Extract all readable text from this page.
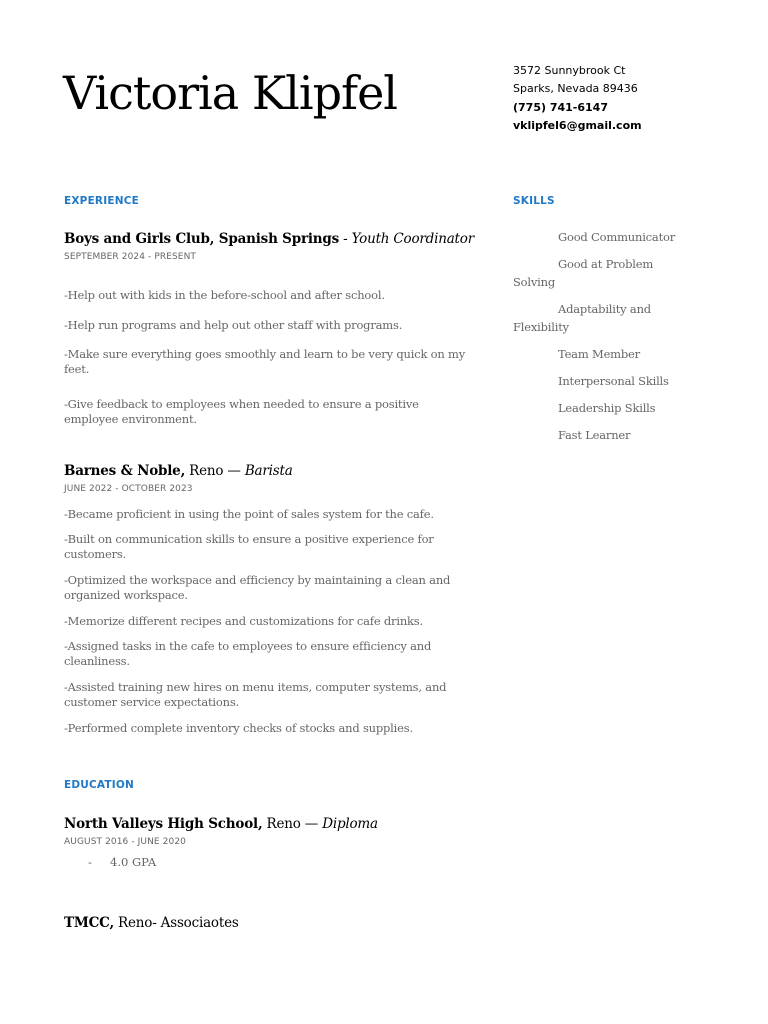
Victoria Klipfel	3572 Sunnybrook Ct
Sparks, Nevada 89436
(775) 741-6147
vklipfel6@gmail.com
EXPERIENCE	SKILLS
Boys and Girls Club, Spanish Springs - Youth Coordinator
SEPTEMBER 2024 - PRESENT
-Help out with kids in the before-school and after school.
-Help run programs and help out other staff with programs.
-Make sure everything goes smoothly and learn to be very quick on my feet.
-Give feedback to employees when needed to ensure a positive employee environment.
Barnes & Noble, Reno — Barista
JUNE 2022 - OCTOBER 2023
-Became proficient in using the point of sales system for the cafe.
-Built on communication skills to ensure a positive experience for customers.
-Optimized the workspace and efficiency by maintaining a clean and organized workspace.
-Memorize different recipes and customizations for cafe drinks.
-Assigned tasks in the cafe to employees to ensure efficiency and cleanliness.
-Assisted training new hires on menu items, computer systems, and customer service expectations.
-Performed complete inventory checks of stocks and supplies.
Good Communicator
Good at Problem Solving
Adaptability and Flexibility
Team Member
Interpersonal Skills
Leadership Skills
Fast Learner
EDUCATION
North Valleys High School, Reno — Diploma
AUGUST 2016 - JUNE 2020
- 4.0 GPA
TMCC, Reno- Associaotes
